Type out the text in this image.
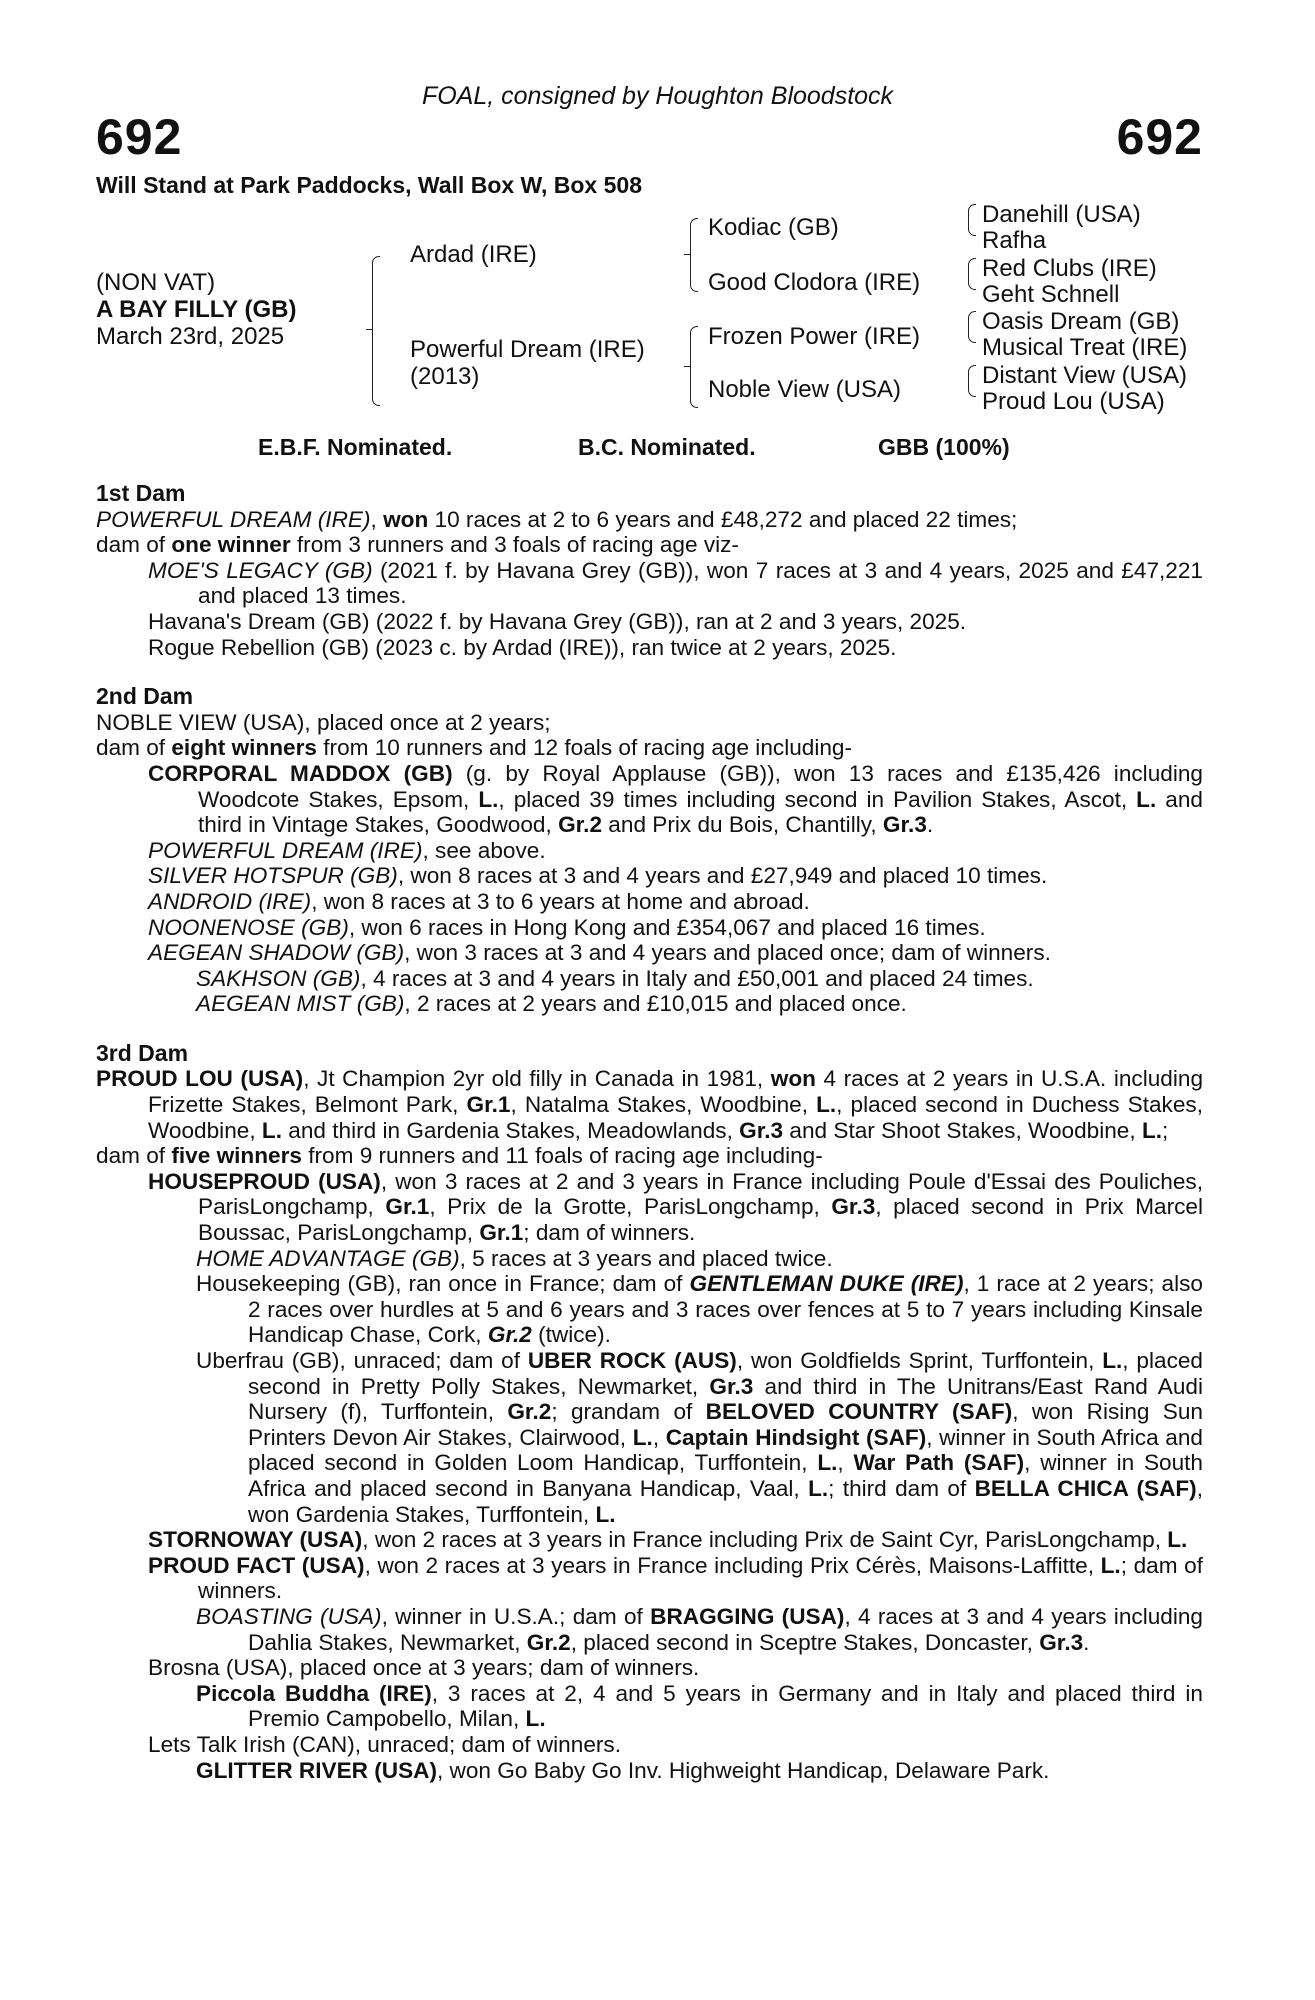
FOAL, consigned by Houghton Bloodstock
692	692
Will Stand at Park Paddocks, Wall Box W, Box 508
(NON VAT)
A BAY FILLY (GB)
March 23rd, 2025
Ardad (IRE)
Powerful Dream (IRE)
(2013)
Kodiac (GB)
Good Clodora (IRE)
Frozen Power (IRE)
Noble View (USA)
Danehill (USA)
Rafha
Red Clubs (IRE)
Geht Schnell
Oasis Dream (GB)
Musical Treat (IRE)
Distant View (USA)
Proud Lou (USA)
E.B.F. Nominated.	B.C. Nominated.	GBB (100%)
1st Dam
POWERFUL DREAM (IRE), won 10 races at 2 to 6 years and £48,272 and placed 22 times;
dam of one winner from 3 runners and 3 foals of racing age viz-
MOE'S LEGACY (GB) (2021 f. by Havana Grey (GB)), won 7 races at 3 and 4 years, 2025 and £47,221 and placed 13 times.
Havana's Dream (GB) (2022 f. by Havana Grey (GB)), ran at 2 and 3 years, 2025.
Rogue Rebellion (GB) (2023 c. by Ardad (IRE)), ran twice at 2 years, 2025.
2nd Dam
NOBLE VIEW (USA), placed once at 2 years;
dam of eight winners from 10 runners and 12 foals of racing age including-
CORPORAL MADDOX (GB) (g. by Royal Applause (GB)), won 13 races and £135,426 including Woodcote Stakes, Epsom, L., placed 39 times including second in Pavilion Stakes, Ascot, L. and third in Vintage Stakes, Goodwood, Gr.2 and Prix du Bois, Chantilly, Gr.3.
POWERFUL DREAM (IRE), see above.
SILVER HOTSPUR (GB), won 8 races at 3 and 4 years and £27,949 and placed 10 times.
ANDROID (IRE), won 8 races at 3 to 6 years at home and abroad.
NOONENOSE (GB), won 6 races in Hong Kong and £354,067 and placed 16 times.
AEGEAN SHADOW (GB), won 3 races at 3 and 4 years and placed once; dam of winners.
SAKHSON (GB), 4 races at 3 and 4 years in Italy and £50,001 and placed 24 times.
AEGEAN MIST (GB), 2 races at 2 years and £10,015 and placed once.
3rd Dam
PROUD LOU (USA), Jt Champion 2yr old filly in Canada in 1981, won 4 races at 2 years in U.S.A. including Frizette Stakes, Belmont Park, Gr.1, Natalma Stakes, Woodbine, L., placed second in Duchess Stakes, Woodbine, L. and third in Gardenia Stakes, Meadowlands, Gr.3 and Star Shoot Stakes, Woodbine, L.;
dam of five winners from 9 runners and 11 foals of racing age including-
HOUSEPROUD (USA), won 3 races at 2 and 3 years in France including Poule d'Essai des Pouliches, ParisLongchamp, Gr.1, Prix de la Grotte, ParisLongchamp, Gr.3, placed second in Prix Marcel Boussac, ParisLongchamp, Gr.1; dam of winners.
HOME ADVANTAGE (GB), 5 races at 3 years and placed twice.
Housekeeping (GB), ran once in France; dam of GENTLEMAN DUKE (IRE), 1 race at 2 years; also 2 races over hurdles at 5 and 6 years and 3 races over fences at 5 to 7 years including Kinsale Handicap Chase, Cork, Gr.2 (twice).
Uberfrau (GB), unraced; dam of UBER ROCK (AUS), won Goldfields Sprint, Turffontein, L., placed second in Pretty Polly Stakes, Newmarket, Gr.3 and third in The Unitrans/East Rand Audi Nursery (f), Turffontein, Gr.2; grandam of BELOVED COUNTRY (SAF), won Rising Sun Printers Devon Air Stakes, Clairwood, L., Captain Hindsight (SAF), winner in South Africa and placed second in Golden Loom Handicap, Turffontein, L., War Path (SAF), winner in South Africa and placed second in Banyana Handicap, Vaal, L.; third dam of BELLA CHICA (SAF), won Gardenia Stakes, Turffontein, L.
STORNOWAY (USA), won 2 races at 3 years in France including Prix de Saint Cyr, ParisLongchamp, L.
PROUD FACT (USA), won 2 races at 3 years in France including Prix Cérès, Maisons-Laffitte, L.; dam of winners.
BOASTING (USA), winner in U.S.A.; dam of BRAGGING (USA), 4 races at 3 and 4 years including Dahlia Stakes, Newmarket, Gr.2, placed second in Sceptre Stakes, Doncaster, Gr.3.
Brosna (USA), placed once at 3 years; dam of winners.
Piccola Buddha (IRE), 3 races at 2, 4 and 5 years in Germany and in Italy and placed third in Premio Campobello, Milan, L.
Lets Talk Irish (CAN), unraced; dam of winners.
GLITTER RIVER (USA), won Go Baby Go Inv. Highweight Handicap, Delaware Park.
